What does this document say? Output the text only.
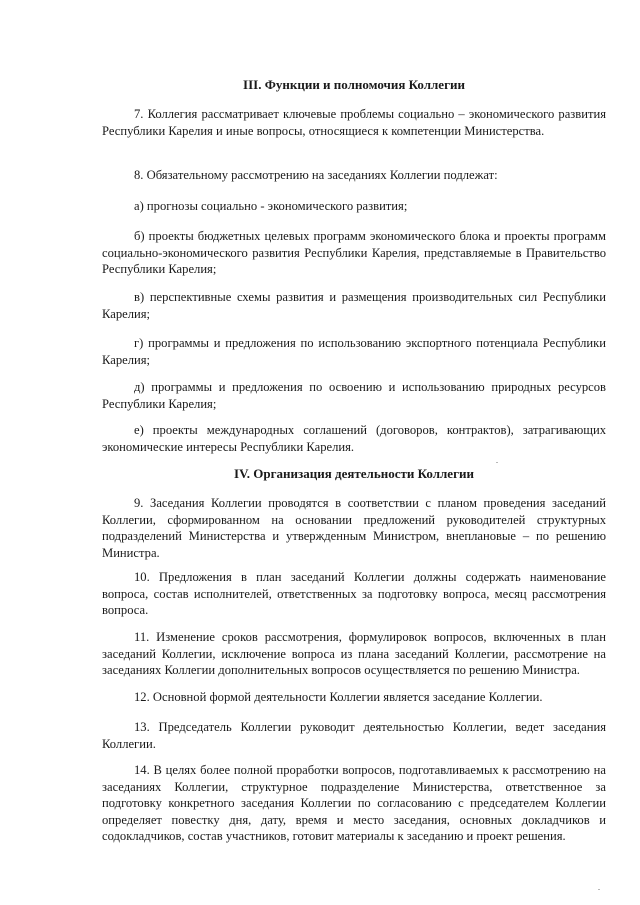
III. Функции и полномочия Коллегии
7. Коллегия рассматривает ключевые проблемы социально – экономического развития Республики Карелия и иные вопросы, относящиеся к компетенции Министерства.
8. Обязательному рассмотрению на заседаниях Коллегии подлежат:
а) прогнозы социально - экономического развития;
б) проекты бюджетных целевых программ экономического блока и проекты программ социально-экономического развития Республики Карелия, представляемые в Правительство Республики Карелия;
в) перспективные схемы развития и размещения производительных сил Республики Карелия;
г) программы и предложения по использованию экспортного потенциала Республики Карелия;
д) программы и предложения по освоению и использованию природных ресурсов Республики Карелия;
е) проекты международных соглашений (договоров, контрактов), затрагивающих экономические интересы Республики Карелия.
IV. Организация деятельности Коллегии
9. Заседания Коллегии проводятся в соответствии с планом проведения заседаний Коллегии, сформированном на основании предложений руководителей структурных подразделений Министерства и утвержденным Министром, внеплановые – по решению Министра.
10. Предложения в план заседаний Коллегии должны содержать наименование вопроса, состав исполнителей, ответственных за подготовку вопроса, месяц рассмотрения вопроса.
11. Изменение сроков рассмотрения, формулировок вопросов, включенных в план заседаний Коллегии, исключение вопроса из плана заседаний Коллегии, рассмотрение на заседаниях Коллегии дополнительных вопросов осуществляется по решению Министра.
12. Основной формой деятельности Коллегии является заседание Коллегии.
13. Председатель Коллегии руководит деятельностью Коллегии, ведет заседания Коллегии.
14. В целях более полной проработки вопросов, подготавливаемых к рассмотрению на заседаниях Коллегии, структурное подразделение Министерства, ответственное за подготовку конкретного заседания Коллегии по согласованию с председателем Коллегии определяет повестку дня, дату, время и место заседания, основных докладчиков и содокладчиков, состав участников, готовит материалы к заседанию и проект решения.
.
.
